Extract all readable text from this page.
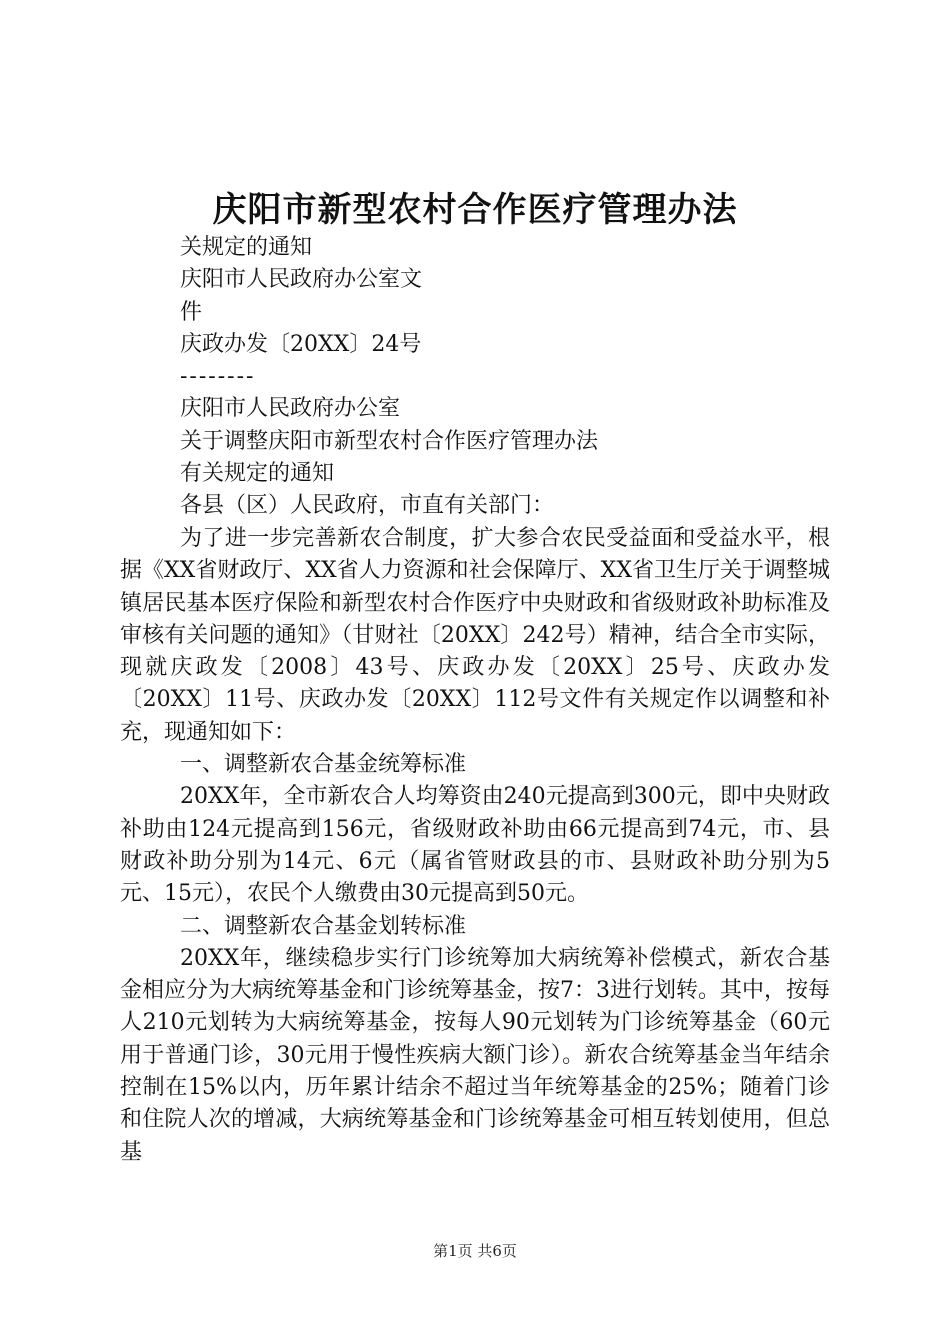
庆阳市新型农村合作医疗管理办法
关规定的通知
庆阳市人民政府办公室文
件
庆政办发〔20XX〕24号
--------
庆阳市人民政府办公室
关于调整庆阳市新型农村合作医疗管理办法
有关规定的通知
各县（区）人民政府，市直有关部门：

为了进一步完善新农合制度，扩大参合农民受益面和受益水平，根据《XX省财政厅、XX省人力资源和社会保障厅、XX省卫生厅关于调整城镇居民基本医疗保险和新型农村合作医疗中央财政和省级财政补助标准及审核有关问题的通知》（甘财社〔20XX〕242号）精神，结合全市实际，现就庆政发〔2008〕43号、庆政办发〔20XX〕25号、庆政办发〔20XX〕11号、庆政办发〔20XX〕112号文件有关规定作以调整和补充，现通知如下：

一、调整新农合基金统筹标准

20XX年，全市新农合人均筹资由240元提高到300元，即中央财政补助由124元提高到156元，省级财政补助由66元提高到74元，市、县财政补助分别为14元、6元（属省管财政县的市、县财政补助分别为5元、15元），农民个人缴费由30元提高到50元。

二、调整新农合基金划转标准

20XX年，继续稳步实行门诊统筹加大病统筹补偿模式，新农合基金相应分为大病统筹基金和门诊统筹基金，按7：3进行划转。其中，按每人210元划转为大病统筹基金，按每人90元划转为门诊统筹基金（60元用于普通门诊，30元用于慢性疾病大额门诊）。新农合统筹基金当年结余控制在15%以内，历年累计结余不超过当年统筹基金的25%；随着门诊和住院人次的增减，大病统筹基金和门诊统筹基金可相互转划使用，但总基

第1页 共6页
